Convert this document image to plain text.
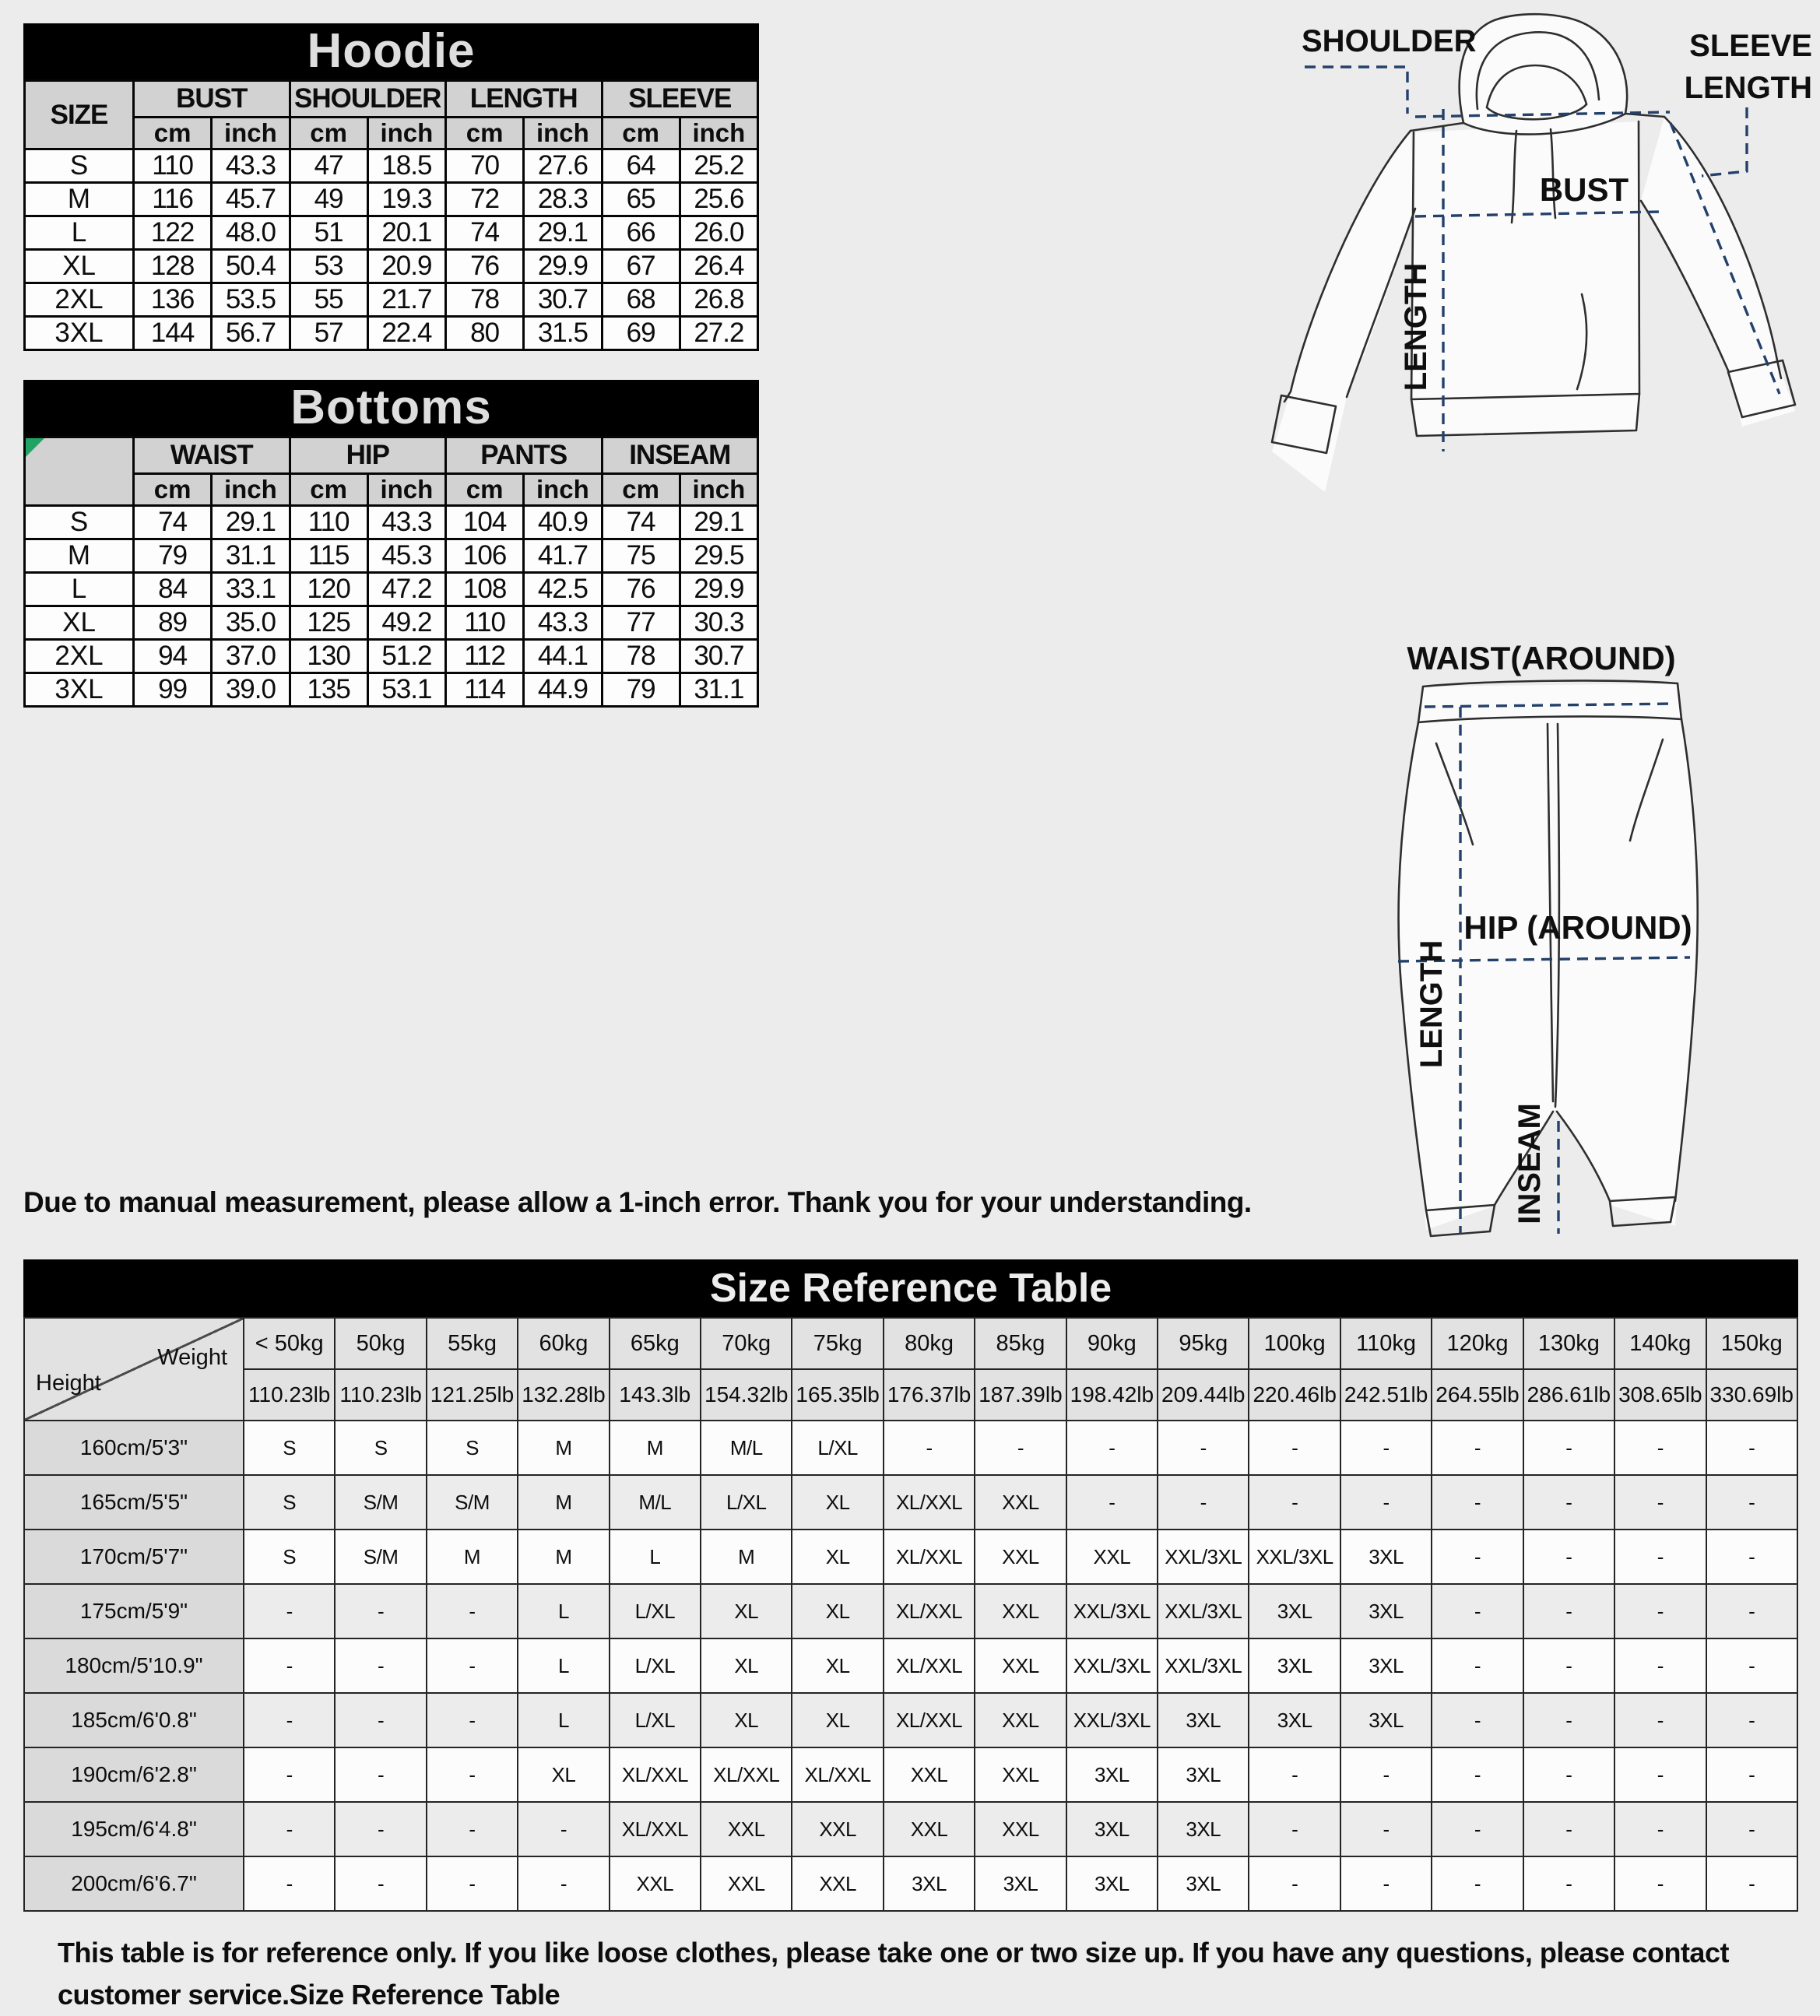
Hoodie
SIZE	BUST		SHOULDER		LENGTH		SLEEVE	
	cm	inch	cm	inch	cm	inch	cm	inch
S	110	43.3	47	18.5	70	27.6	64	25.2
M	116	45.7	49	19.3	72	28.3	65	25.6
L	122	48.0	51	20.1	74	29.1	66	26.0
XL	128	50.4	53	20.9	76	29.9	67	26.4
2XL	136	53.5	55	21.7	78	30.7	68	26.8
3XL	144	56.7	57	22.4	80	31.5	69	27.2
Bottoms
	WAIST		HIP		PANTS		INSEAM	
	cm	inch	cm	inch	cm	inch	cm	inch
S	74	29.1	110	43.3	104	40.9	74	29.1
M	79	31.1	115	45.3	106	41.7	75	29.5
L	84	33.1	120	47.2	108	42.5	76	29.9
XL	89	35.0	125	49.2	110	43.3	77	30.3
2XL	94	37.0	130	51.2	112	44.1	78	30.7
3XL	99	39.0	135	53.1	114	44.9	79	31.1
SHOULDER	SLEEVE
LENGTH
BUST
LENGTH
WAIST(AROUND)
HIP (AROUND)
LENGTH
INSEAM
Due to manual measurement, please allow a 1-inch error. Thank you for your understanding.
Size Reference Table
Weight
Height	< 50kg	50kg	55kg	60kg	65kg	70kg	75kg	80kg	85kg	90kg	95kg	100kg	110kg	120kg	130kg	140kg	150kg
	110.23lb	110.23lb	121.25lb	132.28lb	143.3lb	154.32lb	165.35lb	176.37lb	187.39lb	198.42lb	209.44lb	220.46lb	242.51lb	264.55lb	286.61lb	308.65lb	330.69lb
160cm/5'3"	S	S	S	M	M	M/L	L/XL	-	-	-	-	-	-	-	-	-	-
165cm/5'5"	S	S/M	S/M	M	M/L	L/XL	XL	XL/XXL	XXL	-	-	-	-	-	-	-	-
170cm/5'7"	S	S/M	M	M	L	M	XL	XL/XXL	XXL	XXL	XXL/3XL	XXL/3XL	3XL	-	-	-	-
175cm/5'9"	-	-	-	L	L/XL	XL	XL	XL/XXL	XXL	XXL/3XL	XXL/3XL	3XL	3XL	-	-	-	-
180cm/5'10.9"	-	-	-	L	L/XL	XL	XL	XL/XXL	XXL	XXL/3XL	XXL/3XL	3XL	3XL	-	-	-	-
185cm/6'0.8"	-	-	-	L	L/XL	XL	XL	XL/XXL	XXL	XXL/3XL	3XL	3XL	3XL	-	-	-	-
190cm/6'2.8"	-	-	-	XL	XL/XXL	XL/XXL	XL/XXL	XXL	XXL	3XL	3XL	-	-	-	-	-	-
195cm/6'4.8"	-	-	-	-	XL/XXL	XXL	XXL	XXL	XXL	3XL	3XL	-	-	-	-	-	-
200cm/6'6.7"	-	-	-	-	XXL	XXL	XXL	3XL	3XL	3XL	3XL	-	-	-	-	-	-
This table is for reference only. If you like loose clothes, please take one or two size up. If you have any questions, please contact customer service.Size Reference Table
